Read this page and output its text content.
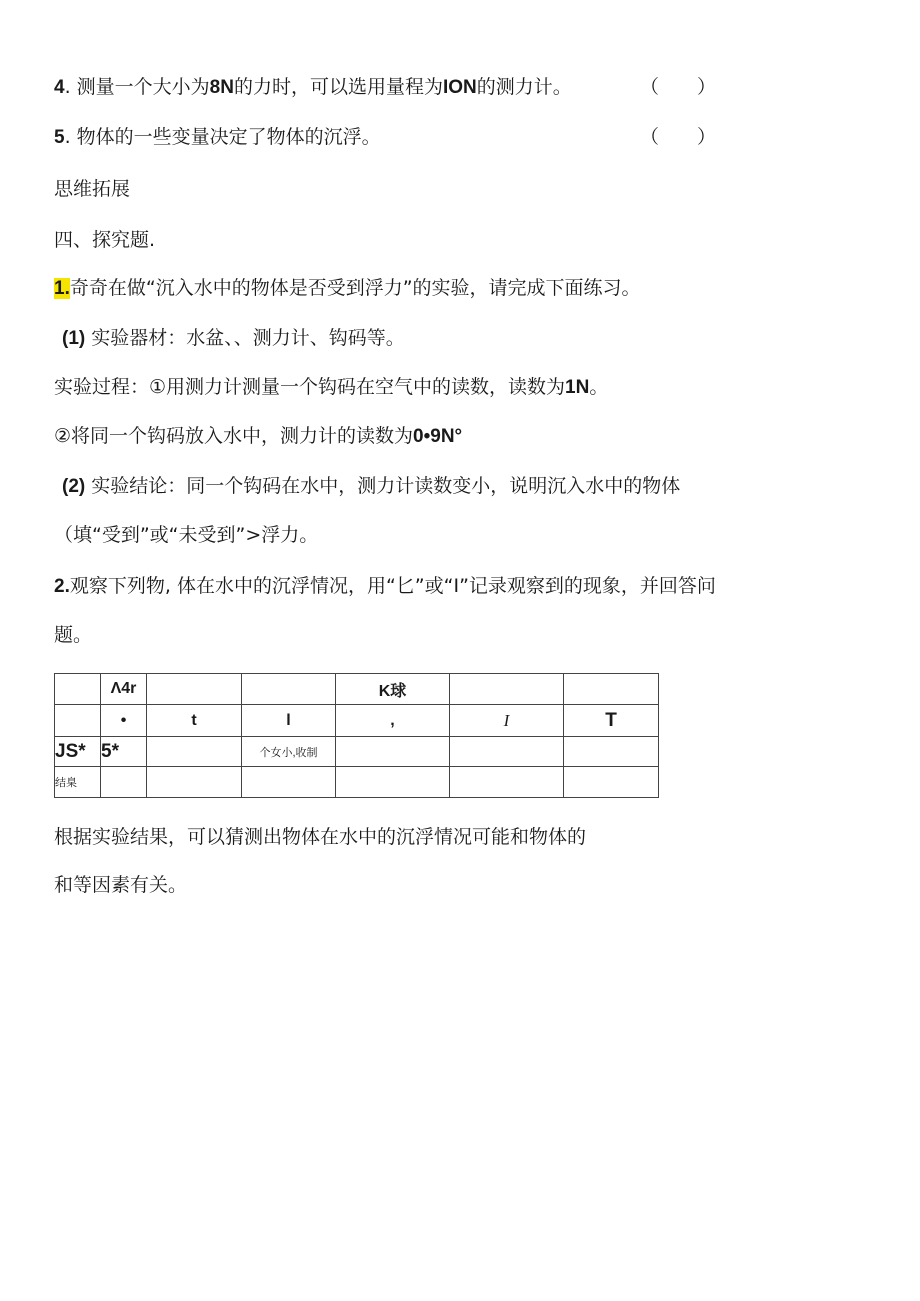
4. 测量一个大小为8N的力时，可以选用量程为ION的测力计。	（　　）
5. 物体的一些变量决定了物体的沉浮。	（　　）
思维拓展
四、探究题.
1.奇奇在做“沉入水中的物体是否受到浮力”的实验，请完成下面练习。
(1) 实验器材：水盆、、测力计、钩码等。
实验过程：①用测力计测量一个钩码在空气中的读数，读数为1N。
②将同一个钩码放入水中，测力计的读数为0•9N°
(2) 实验结论：同一个钩码在水中，测力计读数变小，说明沉入水中的物体
（填“受到”或“未受到”>浮力。
2.观察下列物, 体在水中的沉浮情况，用“匕”或“I”记录观察到的现象，并回答问
题。
	Λ4r			K球		
	•	t	l	,	I	T
JS*	5*		个女小,收制			
结臬						
根据实验结果，可以猜测出物体在水中的沉浮情况可能和物体的
和等因素有关。
